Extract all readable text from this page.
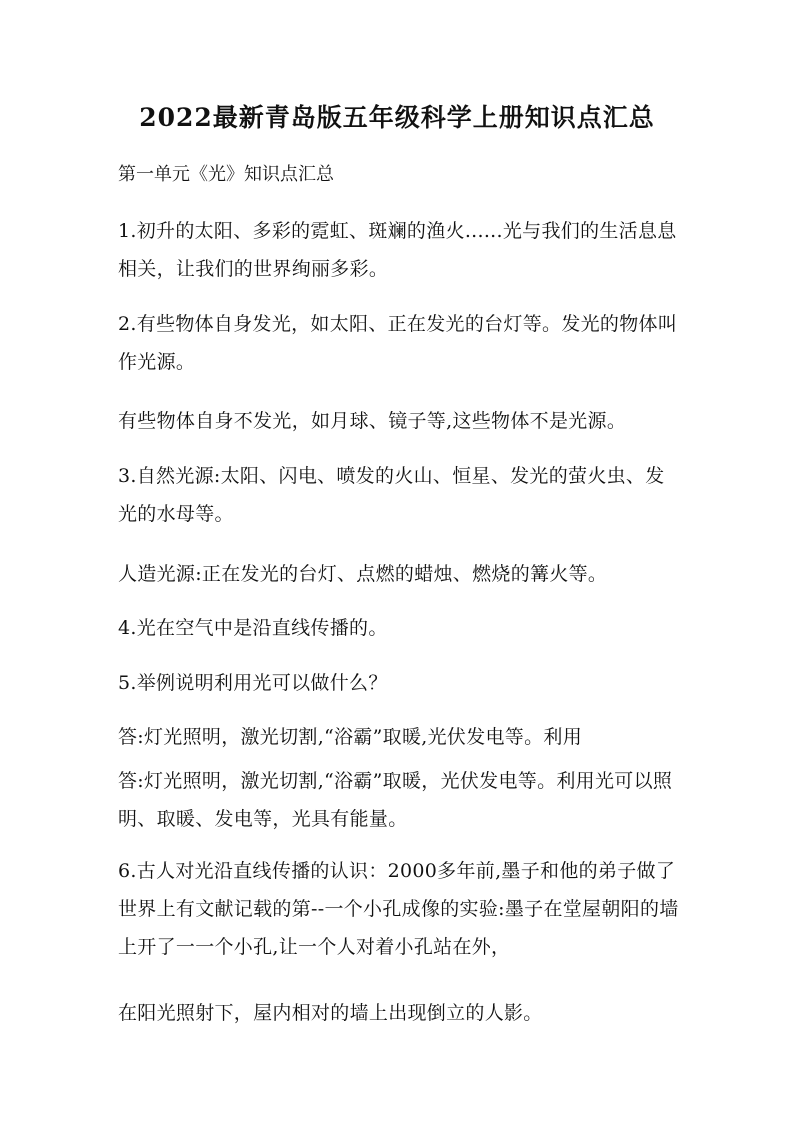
2022最新青岛版五年级科学上册知识点汇总
第一单元《光》知识点汇总
1.初升的太阳、多彩的霓虹、斑斓的渔火......光与我们的生活息息相关，让我们的世界绚丽多彩。
2.有些物体自身发光，如太阳、正在发光的台灯等。发光的物体叫作光源。
有些物体自身不发光，如月球、镜子等,这些物体不是光源。
3.自然光源:太阳、闪电、喷发的火山、恒星、发光的萤火虫、发光的水母等。
人造光源:正在发光的台灯、点燃的蜡烛、燃烧的篝火等。
4.光在空气中是沿直线传播的。
5.举例说明利用光可以做什么？
答:灯光照明，激光切割,“浴霸”取暖,光伏发电等。利用
答:灯光照明，激光切割,“浴霸”取暖，光伏发电等。利用光可以照明、取暖、发电等，光具有能量。
6.古人对光沿直线传播的认识：2000多年前,墨子和他的弟子做了世界上有文献记载的第--一个小孔成像的实验:墨子在堂屋朝阳的墙上开了一一个小孔,让一个人对着小孔站在外，
在阳光照射下，屋内相对的墙上出现倒立的人影。
